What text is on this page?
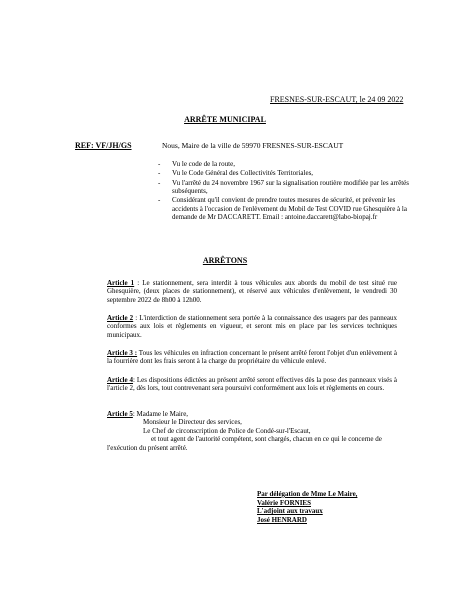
FRESNES-SUR-ESCAUT, le 24 09 2022
ARRÊTE MUNICIPAL
REF: VF/JH/GS	Nous, Maire de la ville de 59970 FRESNES-SUR-ESCAUT
- Vu le code de la route,
- Vu le Code Général des Collectivités Territoriales,
- Vu l'arrêté du 24 novembre 1967 sur la signalisation routière modifiée par les arrêtés subséquents,
- Considérant qu'il convient de prendre toutes mesures de sécurité, et prévenir les accidents à l'occasion de l'enlèvement du Mobil de Test COVID rue Ghesquière à la demande de Mr DACCARETT. Email : antoine.daccarett@labo-biopaj.fr
ARRÊTONS
Article 1 : Le stationnement, sera interdit à tous véhicules aux abords du mobil de test situé rue Ghesquière, (deux places de stationnement), et réservé aux véhicules d'enlèvement, le vendredi 30 septembre 2022 de 8h00 à 12h00.
Article 2 : L'interdiction de stationnement sera portée à la connaissance des usagers par des panneaux conformes aux lois et règlements en vigueur, et seront mis en place par les services techniques municipaux.
Article 3 : Tous les véhicules en infraction concernant le présent arrêté feront l'objet d'un enlèvement à la fourrière dont les frais seront à la charge du propriétaire du véhicule enlevé.
Article 4: Les dispositions édictées au présent arrêté seront effectives dès la pose des panneaux visés à l'article 2, dès lors, tout contrevenant sera poursuivi conformément aux lois et règlements en cours.
Article 5: Madame le Maire,
Monsieur le Directeur des services,
Le Chef de circonscription de Police de Condé-sur-l'Escaut,
et tout agent de l'autorité compétent, sont chargés, chacun en ce qui le concerne de l'exécution du présent arrêté.
Par délégation de Mme Le Maire,
Valérie FORNIES
L'adjoint aux travaux
José HENRARD
